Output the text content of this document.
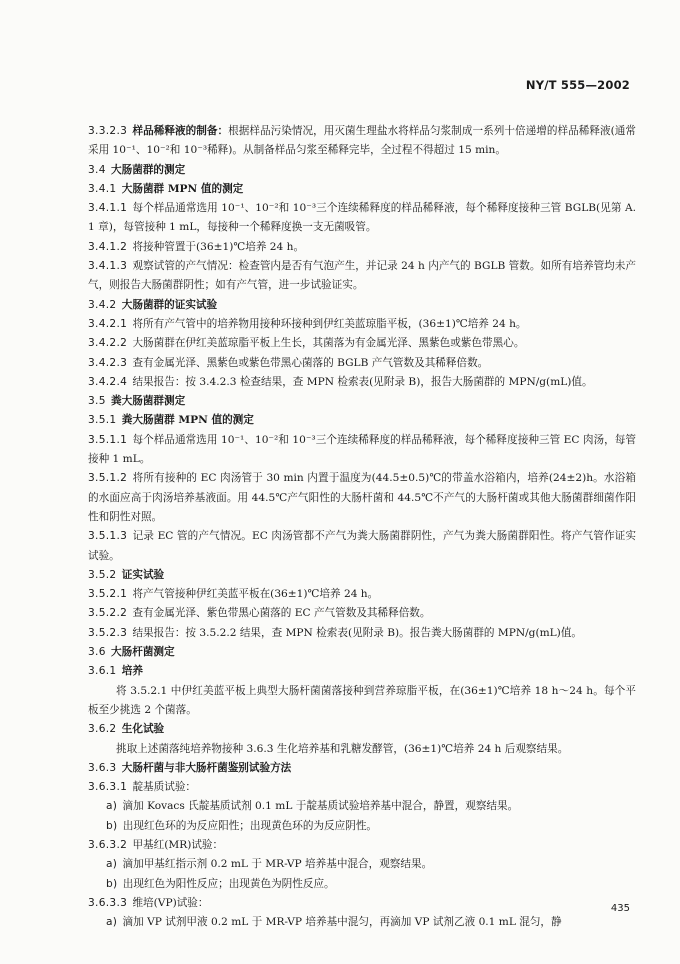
NY/T 555—2002

3.3.2.3  样品稀释液的制备：根据样品污染情况，用灭菌生理盐水将样品匀浆制成一系列十倍递增的样品稀释液(通常采用 10⁻¹、10⁻²和 10⁻³稀释)。从制备样品匀浆至稀释完毕，全过程不得超过 15 min。

3.4  大肠菌群的测定

3.4.1  大肠菌群 MPN 值的测定

3.4.1.1  每个样品通常选用 10⁻¹、10⁻²和 10⁻³三个连续稀释度的样品稀释液，每个稀释度接种三管 BGLB(见第 A.1 章)，每管接种 1 mL，每接种一个稀释度换一支无菌吸管。

3.4.1.2  将接种管置于(36±1)℃培养 24 h。

3.4.1.3  观察试管的产气情况：检查管内是否有气泡产生，并记录 24 h 内产气的 BGLB 管数。如所有培养管均未产气，则报告大肠菌群阴性；如有产气管，进一步试验证实。

3.4.2  大肠菌群的证实试验

3.4.2.1  将所有产气管中的培养物用接种环接种到伊红美蓝琼脂平板，(36±1)℃培养 24 h。

3.4.2.2  大肠菌群在伊红美蓝琼脂平板上生长，其菌落为有金属光泽、黑紫色或紫色带黑心。

3.4.2.3  查有金属光泽、黑紫色或紫色带黑心菌落的 BGLB 产气管数及其稀释倍数。

3.4.2.4  结果报告：按 3.4.2.3 检查结果，查 MPN 检索表(见附录 B)，报告大肠菌群的 MPN/g(mL)值。

3.5  粪大肠菌群测定

3.5.1  粪大肠菌群 MPN 值的测定

3.5.1.1  每个样品通常选用 10⁻¹、10⁻²和 10⁻³三个连续稀释度的样品稀释液，每个稀释度接种三管 EC 肉汤，每管接种 1 mL。

3.5.1.2  将所有接种的 EC 肉汤管于 30 min 内置于温度为(44.5±0.5)℃的带盖水浴箱内，培养(24±2)h。水浴箱的水面应高于肉汤培养基液面。用 44.5℃产气阳性的大肠杆菌和 44.5℃不产气的大肠杆菌或其他大肠菌群细菌作阳性和阴性对照。

3.5.1.3  记录 EC 管的产气情况。EC 肉汤管都不产气为粪大肠菌群阴性，产气为粪大肠菌群阳性。将产气管作证实试验。

3.5.2  证实试验

3.5.2.1  将产气管接种伊红美蓝平板在(36±1)℃培养 24 h。

3.5.2.2  查有金属光泽、紫色带黑心菌落的 EC 产气管数及其稀释倍数。

3.5.2.3  结果报告：按 3.5.2.2 结果，查 MPN 检索表(见附录 B)。报告粪大肠菌群的 MPN/g(mL)值。

3.6  大肠杆菌测定

3.6.1  培养

将 3.5.2.1 中伊红美蓝平板上典型大肠杆菌菌落接种到营养琼脂平板，在(36±1)℃培养 18 h～24 h。每个平板至少挑选 2 个菌落。

3.6.2  生化试验

挑取上述菌落纯培养物接种 3.6.3 生化培养基和乳糖发酵管，(36±1)℃培养 24 h 后观察结果。

3.6.3  大肠杆菌与非大肠杆菌鉴别试验方法

3.6.3.1  靛基质试验：

a)  滴加 Kovacs 氏靛基质试剂 0.1 mL 于靛基质试验培养基中混合，静置，观察结果。

b)  出现红色环的为反应阳性；出现黄色环的为反应阴性。

3.6.3.2  甲基红(MR)试验：

a)  滴加甲基红指示剂 0.2 mL 于 MR-VP 培养基中混合，观察结果。

b)  出现红色为阳性反应；出现黄色为阴性反应。

3.6.3.3  维培(VP)试验：

a)  滴加 VP 试剂甲液 0.2 mL 于 MR-VP 培养基中混匀，再滴加 VP 试剂乙液 0.1 mL 混匀，静

435
